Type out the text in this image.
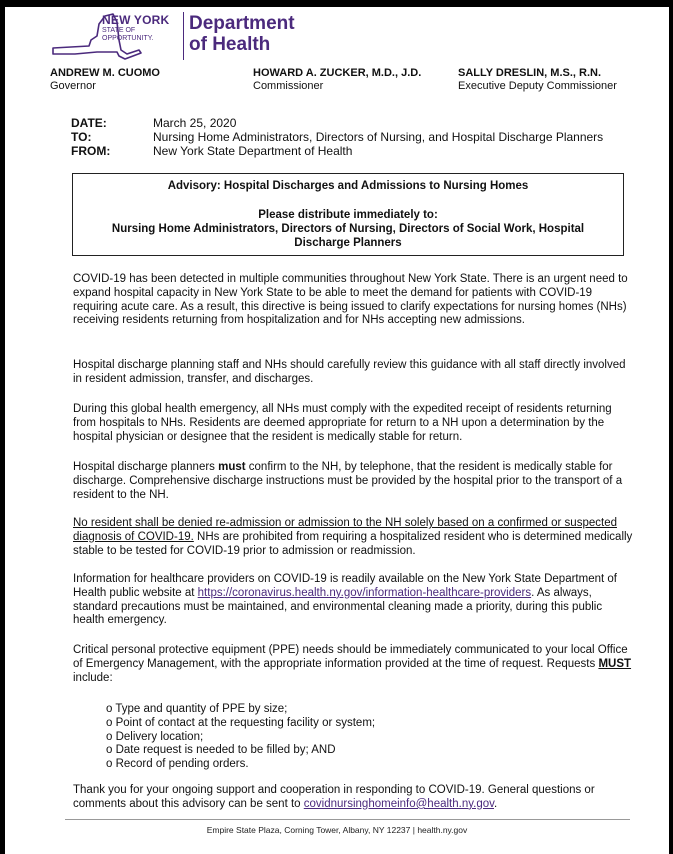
NEW YORK
STATE OF
OPPORTUNITY.
Department
of Health
ANDREW M. CUOMO
Governor
HOWARD A. ZUCKER, M.D., J.D.
Commissioner
SALLY DRESLIN, M.S., R.N.
Executive Deputy Commissioner
DATE:	March 25, 2020
TO:	Nursing Home Administrators, Directors of Nursing, and Hospital Discharge Planners
FROM:	New York State Department of Health
Advisory: Hospital Discharges and Admissions to Nursing Homes
Please distribute immediately to:
Nursing Home Administrators, Directors of Nursing, Directors of Social Work, Hospital Discharge Planners
COVID-19 has been detected in multiple communities throughout New York State. There is an urgent need to expand hospital capacity in New York State to be able to meet the demand for patients with COVID-19 requiring acute care. As a result, this directive is being issued to clarify expectations for nursing homes (NHs) receiving residents returning from hospitalization and for NHs accepting new admissions.
Hospital discharge planning staff and NHs should carefully review this guidance with all staff directly involved in resident admission, transfer, and discharges.
During this global health emergency, all NHs must comply with the expedited receipt of residents returning from hospitals to NHs. Residents are deemed appropriate for return to a NH upon a determination by the hospital physician or designee that the resident is medically stable for return.
Hospital discharge planners must confirm to the NH, by telephone, that the resident is medically stable for discharge. Comprehensive discharge instructions must be provided by the hospital prior to the transport of a resident to the NH.
No resident shall be denied re-admission or admission to the NH solely based on a confirmed or suspected diagnosis of COVID-19. NHs are prohibited from requiring a hospitalized resident who is determined medically stable to be tested for COVID-19 prior to admission or readmission.
Information for healthcare providers on COVID-19 is readily available on the New York State Department of Health public website at https://coronavirus.health.ny.gov/information-healthcare-providers. As always, standard precautions must be maintained, and environmental cleaning made a priority, during this public health emergency.
Critical personal protective equipment (PPE) needs should be immediately communicated to your local Office of Emergency Management, with the appropriate information provided at the time of request. Requests MUST include:
o Type and quantity of PPE by size;
o Point of contact at the requesting facility or system;
o Delivery location;
o Date request is needed to be filled by; AND
o Record of pending orders.
Thank you for your ongoing support and cooperation in responding to COVID-19. General questions or comments about this advisory can be sent to covidnursinghomeinfo@health.ny.gov.
Empire State Plaza, Corning Tower, Albany, NY 12237 | health.ny.gov
